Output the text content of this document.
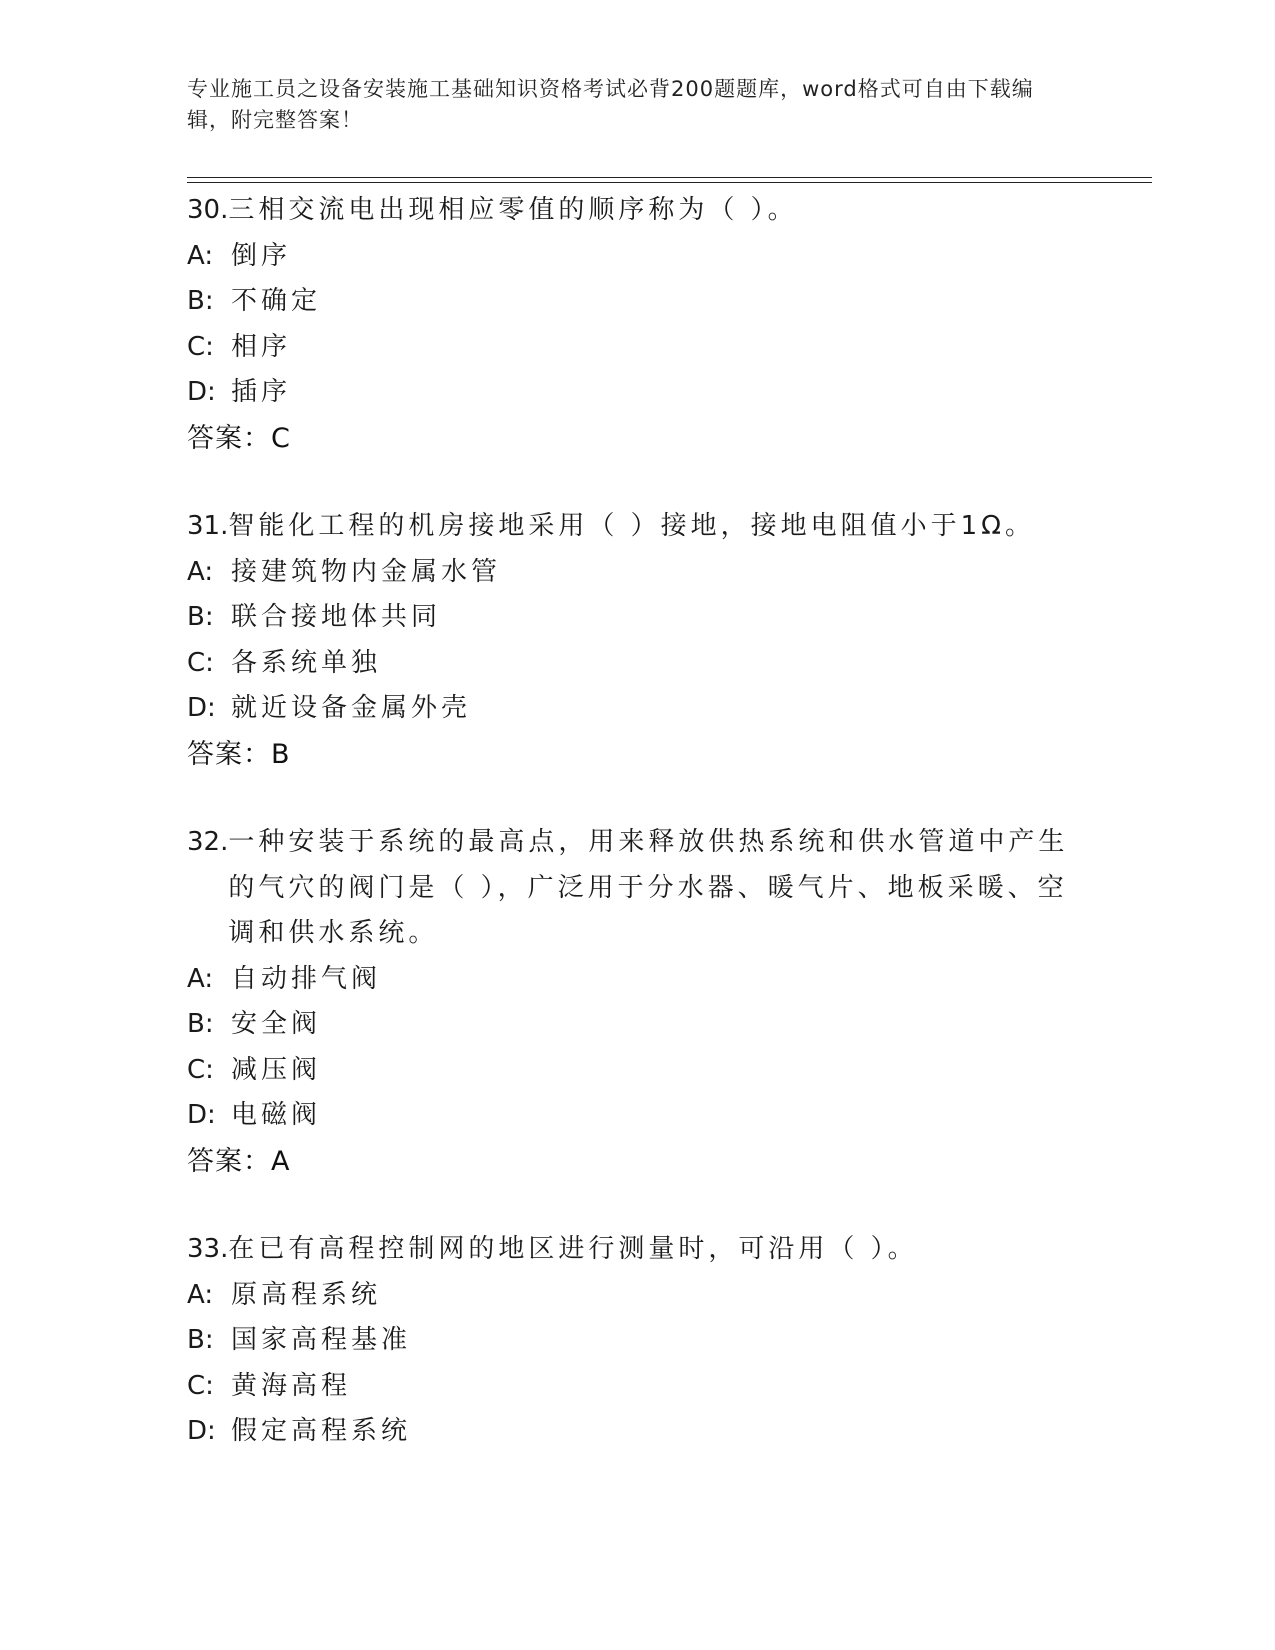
专业施工员之设备安装施工基础知识资格考试必背200题题库，word格式可自由下载编辑，附完整答案！
30. 三相交流电出现相应零值的顺序称为（ ）。
A: 倒序
B: 不确定
C: 相序
D: 插序
答案：C
31. 智能化工程的机房接地采用（ ）接地，接地电阻值小于1Ω。
A: 接建筑物内金属水管
B: 联合接地体共同
C: 各系统单独
D: 就近设备金属外壳
答案：B
32. 一种安装于系统的最高点，用来释放供热系统和供水管道中产生的气穴的阀门是（ ），广泛用于分水器、暖气片、地板采暖、空调和供水系统。
A: 自动排气阀
B: 安全阀
C: 减压阀
D: 电磁阀
答案：A
33. 在已有高程控制网的地区进行测量时，可沿用（ ）。
A: 原高程系统
B: 国家高程基准
C: 黄海高程
D: 假定高程系统
